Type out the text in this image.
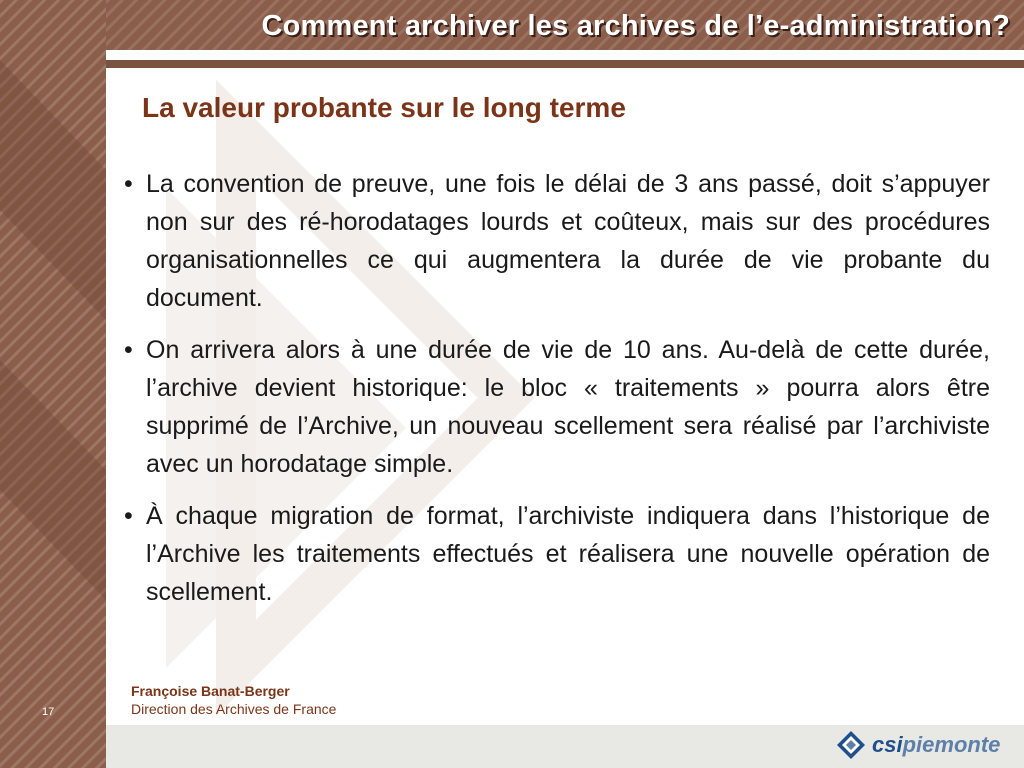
Comment archiver les archives de l’e-administration?
La valeur probante sur le long terme
• La convention de preuve, une fois le délai de 3 ans passé, doit s’appuyer non sur des ré-horodatages lourds et coûteux, mais sur des procédures organisationnelles ce qui augmentera la durée de vie probante du document.
• On arrivera alors à une durée de vie de 10 ans. Au-delà de cette durée, l’archive devient historique: le bloc « traitements » pourra alors être supprimé de l’Archive, un nouveau scellement sera réalisé par l’archiviste avec un horodatage simple.
• À chaque migration de format, l’archiviste indiquera dans l’historique de l’Archive les traitements effectués et réalisera une nouvelle opération de scellement.
Françoise Banat-Berger
Direction des Archives de France
17
csipiemonte
